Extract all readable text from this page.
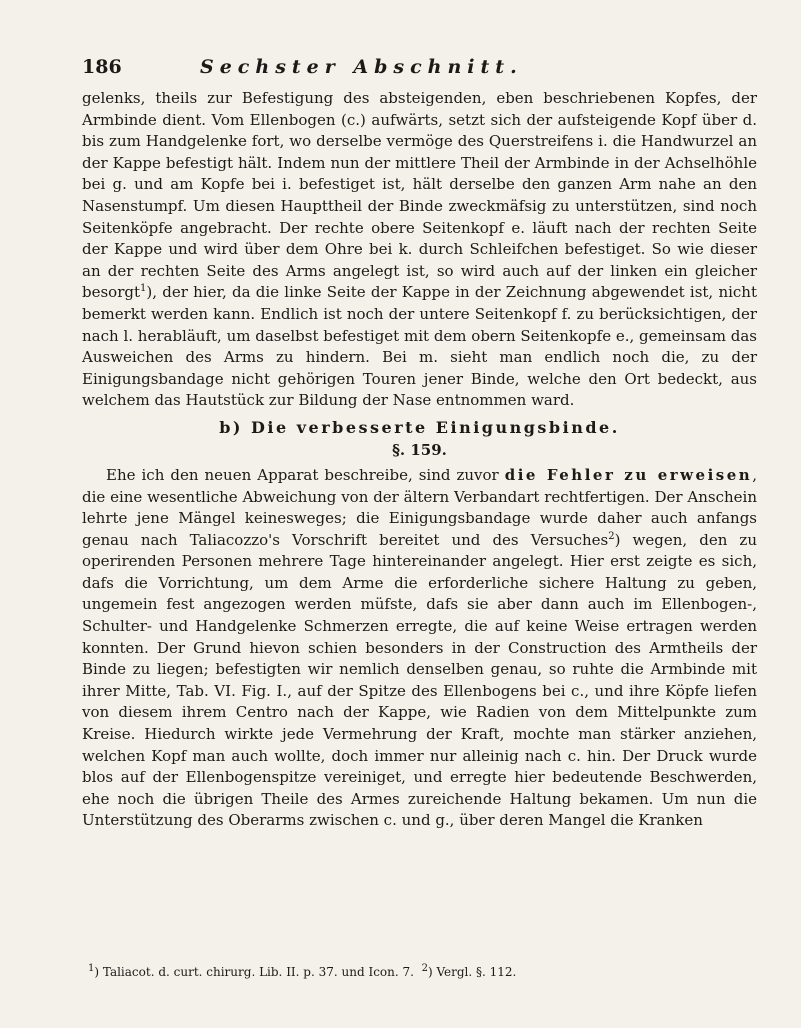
186	Sechster Abschnitt.

gelenks, theils zur Befestigung des absteigenden, eben beschriebenen Kopfes, der Armbinde dient. Vom Ellenbogen (c.) aufwärts, setzt sich der aufsteigende Kopf über d. bis zum Handgelenke fort, wo derselbe vermöge des Querstreifens i. die Handwurzel an der Kappe befestigt hält. Indem nun der mittlere Theil der Armbinde in der Achselhöhle bei g. und am Kopfe bei i. befestiget ist, hält derselbe den ganzen Arm nahe an den Nasenstumpf. Um diesen Haupttheil der Binde zweckmäfsig zu unterstützen, sind noch Seitenköpfe angebracht. Der rechte obere Seitenkopf e. läuft nach der rechten Seite der Kappe und wird über dem Ohre bei k. durch Schleifchen befestiget. So wie dieser an der rechten Seite des Arms angelegt ist, so wird auch auf der linken ein gleicher besorgt$^1$), der hier, da die linke Seite der Kappe in der Zeichnung abgewendet ist, nicht bemerkt werden kann. Endlich ist noch der untere Seitenkopf f. zu berücksichtigen, der nach l. herabläuft, um daselbst befestiget mit dem obern Seitenkopfe e., gemeinsam das Ausweichen des Arms zu hindern. Bei m. sieht man endlich noch die, zu der Einigungsbandage nicht gehörigen Touren jener Binde, welche den Ort bedeckt, aus welchem das Hautstück zur Bildung der Nase entnommen ward.

b) Die verbesserte Einigungsbinde.
§. 159.

Ehe ich den neuen Apparat beschreibe, sind zuvor die Fehler zu erweisen, die eine wesentliche Abweichung von der ältern Verbandart rechtfertigen. Der Anschein lehrte jene Mängel keinesweges; die Einigungsbandage wurde daher auch anfangs genau nach Taliacozzo's Vorschrift bereitet und des Versuches$^2$) wegen, den zu operirenden Personen mehrere Tage hintereinander angelegt. Hier erst zeigte es sich, dafs die Vorrichtung, um dem Arme die erforderliche sichere Haltung zu geben, ungemein fest angezogen werden müfste, dafs sie aber dann auch im Ellenbogen-, Schulter- und Handgelenke Schmerzen erregte, die auf keine Weise ertragen werden konnten. Der Grund hievon schien besonders in der Construction des Armtheils der Binde zu liegen; befestigten wir nemlich denselben genau, so ruhte die Armbinde mit ihrer Mitte, Tab. VI. Fig. I., auf der Spitze des Ellenbogens bei c., und ihre Köpfe liefen von diesem ihrem Centro nach der Kappe, wie Radien von dem Mittelpunkte zum Kreise. Hiedurch wirkte jede Vermehrung der Kraft, mochte man stärker anziehen, welchen Kopf man auch wollte, doch immer nur alleinig nach c. hin. Der Druck wurde blos auf der Ellenbogenspitze vereiniget, und erregte hier bedeutende Beschwerden, ehe noch die übrigen Theile des Armes zureichende Haltung bekamen. Um nun die Unterstützung des Oberarms zwischen c. und g., über deren Mangel die Kranken

$^1$) Taliacot. d. curt. chirurg. Lib. II. p. 37. und Icon. 7. $^2$) Vergl. §. 112.
